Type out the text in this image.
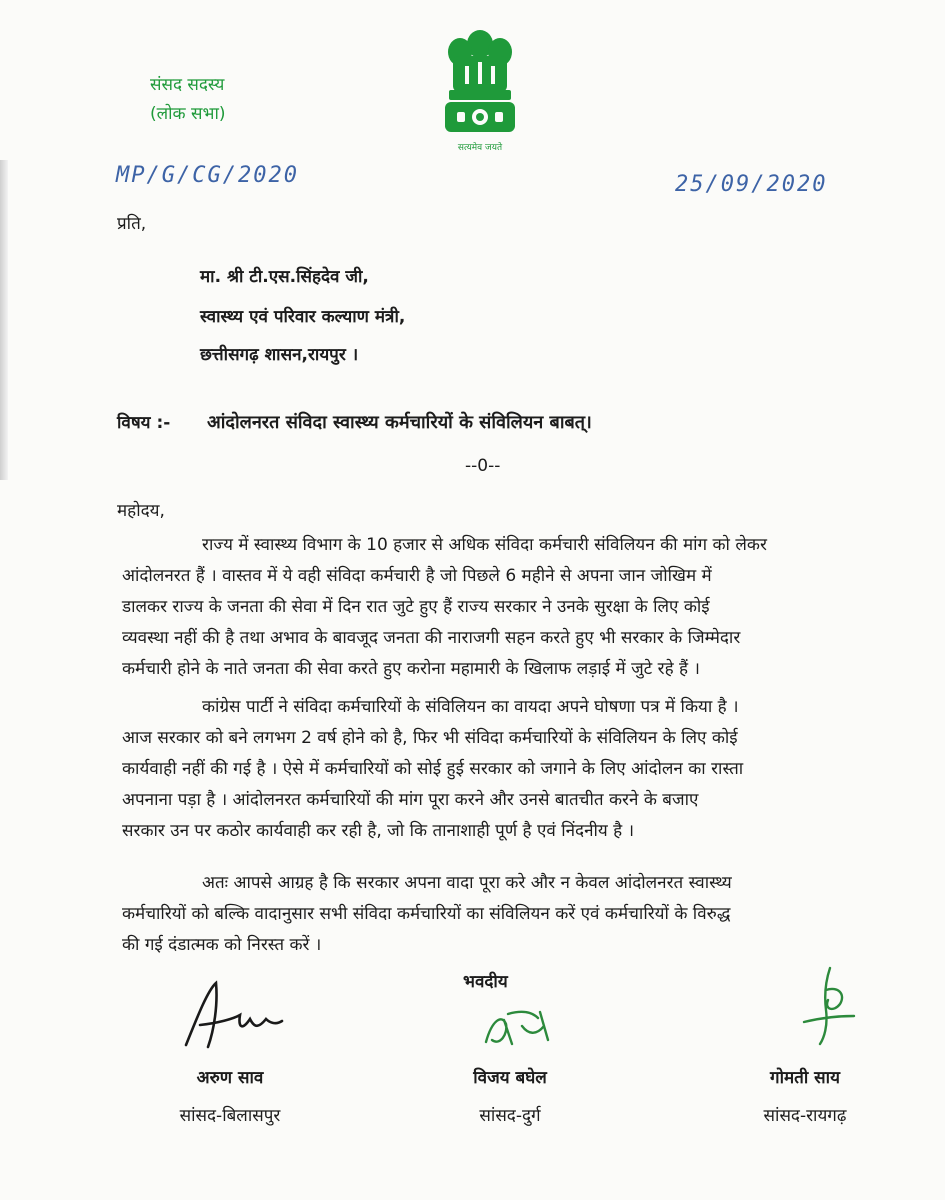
संसद सदस्य
(लोक सभा)
सत्यमेव जयते
MP/G/CG/2020	25/09/2020
प्रति,
मा. श्री टी.एस.सिंहदेव जी,
स्वास्थ्य एवं परिवार कल्याण मंत्री,
छत्तीसगढ़ शासन,रायपुर ।
विषय :- आंदोलनरत संविदा स्वास्थ्य कर्मचारियों के संविलियन बाबत्।
--0--
महोदय,
राज्य में स्वास्थ्य विभाग के 10 हजार से अधिक संविदा कर्मचारी संविलियन की मांग को लेकर
आंदोलनरत हैं । वास्तव में ये वही संविदा कर्मचारी है जो पिछले 6 महीने से अपना जान जोखिम में
डालकर राज्य के जनता की सेवा में दिन रात जुटे हुए हैं राज्य सरकार ने उनके सुरक्षा के लिए कोई
व्यवस्था नहीं की है तथा अभाव के बावजूद जनता की नाराजगी सहन करते हुए भी सरकार के जिम्मेदार
कर्मचारी होने के नाते जनता की सेवा करते हुए करोना महामारी के खिलाफ लड़ाई में जुटे रहे हैं ।
कांग्रेस पार्टी ने संविदा कर्मचारियों के संविलियन का वायदा अपने घोषणा पत्र में किया है ।
आज सरकार को बने लगभग 2 वर्ष होने को है, फिर भी संविदा कर्मचारियों के संविलियन के लिए कोई
कार्यवाही नहीं की गई है । ऐसे में कर्मचारियों को सोई हुई सरकार को जगाने के लिए आंदोलन का रास्ता
अपनाना पड़ा है । आंदोलनरत कर्मचारियों की मांग पूरा करने और उनसे बातचीत करने के बजाए
सरकार उन पर कठोर कार्यवाही कर रही है, जो कि तानाशाही पूर्ण है एवं निंदनीय है ।
अतः आपसे आग्रह है कि सरकार अपना वादा पूरा करे और न केवल आंदोलनरत स्वास्थ्य
कर्मचारियों को बल्कि वादानुसार सभी संविदा कर्मचारियों का संविलियन करें एवं कर्मचारियों के विरुद्ध
की गई दंडात्मक को निरस्त करें ।
भवदीय
अरुण साव
सांसद-बिलासपुर
विजय बघेल
सांसद-दुर्ग
गोमती साय
सांसद-रायगढ़
